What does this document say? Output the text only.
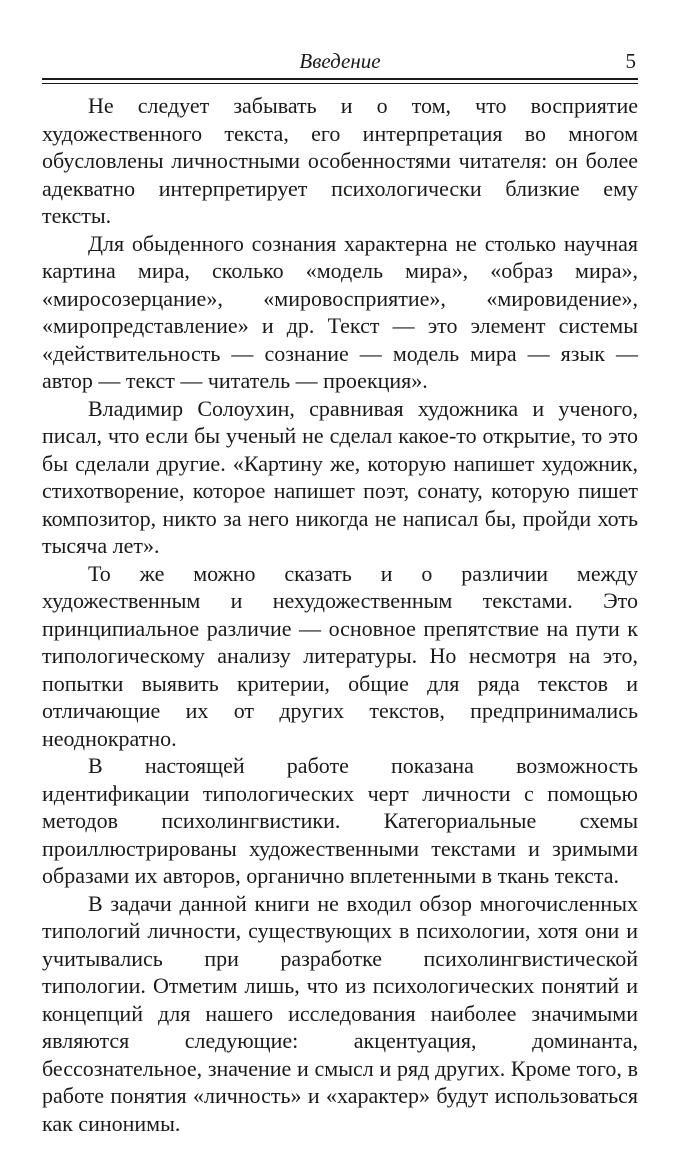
Введение	5

Не следует забывать и о том, что восприятие художественного текста, его интерпретация во многом обусловлены личностными особенностями читателя: он более адекватно интерпретирует психологически близкие ему тексты.

Для обыденного сознания характерна не столько научная картина мира, сколько «модель мира», «образ мира», «миросозерцание», «мировосприятие», «мировидение», «миропредставление» и др. Текст — это элемент системы «действительность — сознание — модель мира — язык — автор — текст — читатель — проекция».

Владимир Солоухин, сравнивая художника и ученого, писал, что если бы ученый не сделал какое-то открытие, то это бы сделали другие. «Картину же, которую напишет художник, стихотворение, которое напишет поэт, сонату, которую пишет композитор, никто за него никогда не написал бы, пройди хоть тысяча лет».

То же можно сказать и о различии между художественным и нехудожественным текстами. Это принципиальное различие — основное препятствие на пути к типологическому анализу литературы. Но несмотря на это, попытки выявить критерии, общие для ряда текстов и отличающие их от других текстов, предпринимались неоднократно.

В настоящей работе показана возможность идентификации типологических черт личности с помощью методов психолингвистики. Категориальные схемы проиллюстрированы художественными текстами и зримыми образами их авторов, органично вплетенными в ткань текста.

В задачи данной книги не входил обзор многочисленных типологий личности, существующих в психологии, хотя они и учитывались при разработке психолингвистической типологии. Отметим лишь, что из психологических понятий и концепций для нашего исследования наиболее значимыми являются следующие: акцентуация, доминанта, бессознательное, значение и смысл и ряд других. Кроме того, в работе понятия «личность» и «характер» будут использоваться как синонимы.
